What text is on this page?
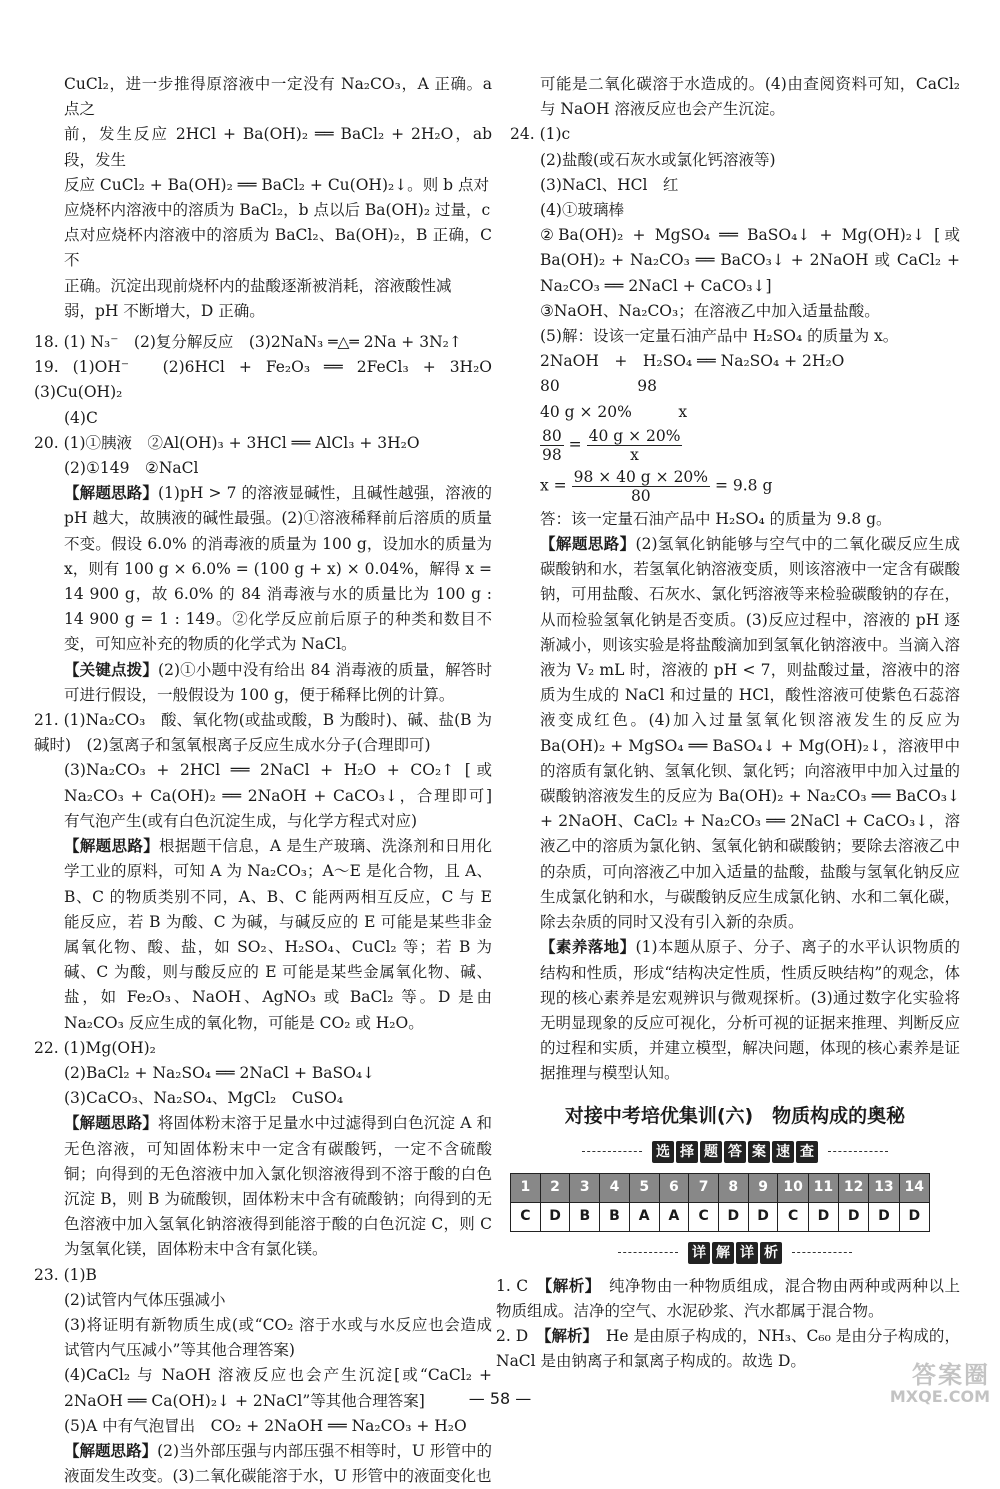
CuCl₂，进一步推得原溶液中一定没有 Na₂CO₃，A 正确。a 点之

前，发生反应 2HCl + Ba(OH)₂ ══ BaCl₂ + 2H₂O，ab 段，发生

反应 CuCl₂ + Ba(OH)₂ ══ BaCl₂ + Cu(OH)₂↓。则 b 点对

应烧杯内溶液中的溶质为 BaCl₂，b 点以后 Ba(OH)₂ 过量，c

点对应烧杯内溶液中的溶质为 BaCl₂、Ba(OH)₂，B 正确，C 不

正确。沉淀出现前烧杯内的盐酸逐渐被消耗，溶液酸性减

弱，pH 不断增大，D 正确。

18. (1) N₃⁻　(2)复分解反应　(3)2NaN₃ ═△═ 2Na + 3N₂↑

19. (1)OH⁻　(2)6HCl + Fe₂O₃ ══ 2FeCl₃ + 3H₂O　(3)Cu(OH)₂

(4)C

20. (1)①胰液　②Al(OH)₃ + 3HCl ══ AlCl₃ + 3H₂O

(2)①149　②NaCl

【解题思路】(1)pH > 7 的溶液显碱性，且碱性越强，溶液的 pH 越大，故胰液的碱性最强。(2)①溶液稀释前后溶质的质量不变。假设 6.0% 的消毒液的质量为 100 g，设加水的质量为 x，则有 100 g × 6.0% = (100 g + x) × 0.04%，解得 x = 14 900 g，故 6.0% 的 84 消毒液与水的质量比为 100 g : 14 900 g = 1 : 149。②化学反应前后原子的种类和数目不变，可知应补充的物质的化学式为 NaCl。

【关键点拨】(2)①小题中没有给出 84 消毒液的质量，解答时可进行假设，一般假设为 100 g，便于稀释比例的计算。

21. (1)Na₂CO₃　酸、氧化物(或盐或酸，B 为酸时)、碱、盐(B 为碱时)　(2)氢离子和氢氧根离子反应生成水分子(合理即可)

(3)Na₂CO₃ + 2HCl ══ 2NaCl + H₂O + CO₂↑ [或 Na₂CO₃ + Ca(OH)₂ ══ 2NaOH + CaCO₃↓，合理即可]　　有气泡产生(或有白色沉淀生成，与化学方程式对应)

【解题思路】根据题干信息，A 是生产玻璃、洗涤剂和日用化学工业的原料，可知 A 为 Na₂CO₃；A～E 是化合物，且 A、B、C 的物质类别不同，A、B、C 能两两相互反应，C 与 E 能反应，若 B 为酸、C 为碱，与碱反应的 E 可能是某些非金属氧化物、酸、盐，如 SO₂、H₂SO₄、CuCl₂ 等；若 B 为碱、C 为酸，则与酸反应的 E 可能是某些金属氧化物、碱、盐，如 Fe₂O₃、NaOH、AgNO₃ 或 BaCl₂ 等。D 是由 Na₂CO₃ 反应生成的氧化物，可能是 CO₂ 或 H₂O。

22. (1)Mg(OH)₂

(2)BaCl₂ + Na₂SO₄ ══ 2NaCl + BaSO₄↓

(3)CaCO₃、Na₂SO₄、MgCl₂　CuSO₄

【解题思路】将固体粉末溶于足量水中过滤得到白色沉淀 A 和无色溶液，可知固体粉末中一定含有碳酸钙，一定不含硫酸铜；向得到的无色溶液中加入氯化钡溶液得到不溶于酸的白色沉淀 B，则 B 为硫酸钡，固体粉末中含有硫酸钠；向得到的无色溶液中加入氢氧化钠溶液得到能溶于酸的白色沉淀 C，则 C 为氢氧化镁，固体粉末中含有氯化镁。

23. (1)B

(2)试管内气体压强减小

(3)将证明有新物质生成(或“CO₂ 溶于水或与水反应也会造成试管内气压减小”等其他合理答案)

(4)CaCl₂ 与 NaOH 溶液反应也会产生沉淀[或“CaCl₂ + 2NaOH ══ Ca(OH)₂↓ + 2NaCl”等其他合理答案]

(5)A 中有气泡冒出　CO₂ + 2NaOH ══ Na₂CO₃ + H₂O

【解题思路】(2)当外部压强与内部压强不相等时，U 形管中的液面发生改变。(3)二氧化碳能溶于水，U 形管中的液面变化也

可能是二氧化碳溶于水造成的。(4)由查阅资料可知，CaCl₂ 与 NaOH 溶液反应也会产生沉淀。

24. (1)c

(2)盐酸(或石灰水或氯化钙溶液等)

(3)NaCl、HCl　红

(4)①玻璃棒

②Ba(OH)₂ + MgSO₄ ══ BaSO₄↓ + Mg(OH)₂↓ [或 Ba(OH)₂ + Na₂CO₃ ══ BaCO₃↓ + 2NaOH 或 CaCl₂ + Na₂CO₃ ══ 2NaCl + CaCO₃↓]

③NaOH、Na₂CO₃；在溶液乙中加入适量盐酸。

(5)解：设该一定量石油产品中 H₂SO₄ 的质量为 x。

2NaOH　+　H₂SO₄ ══ Na₂SO₄ + 2H₂O

80　　　　　98

40 g × 20%　　　x

$\frac{80}{98} = \frac{40 g \times 20\%}{x}$
$x = \frac{98 \times 40 g \times 20\%}{80} = 9.8$ g

答：该一定量石油产品中 H₂SO₄ 的质量为 9.8 g。

【解题思路】(2)氢氧化钠能够与空气中的二氧化碳反应生成碳酸钠和水，若氢氧化钠溶液变质，则该溶液中一定含有碳酸钠，可用盐酸、石灰水、氯化钙溶液等来检验碳酸钠的存在，从而检验氢氧化钠是否变质。(3)反应过程中，溶液的 pH 逐渐减小，则该实验是将盐酸滴加到氢氧化钠溶液中。当滴入溶液为 V₂ mL 时，溶液的 pH < 7，则盐酸过量，溶液中的溶质为生成的 NaCl 和过量的 HCl，酸性溶液可使紫色石蕊溶液变成红色。(4)加入过量氢氧化钡溶液发生的反应为 Ba(OH)₂ + MgSO₄ ══ BaSO₄↓ + Mg(OH)₂↓，溶液甲中的溶质有氯化钠、氢氧化钡、氯化钙；向溶液甲中加入过量的碳酸钠溶液发生的反应为 Ba(OH)₂ + Na₂CO₃ ══ BaCO₃↓ + 2NaOH、CaCl₂ + Na₂CO₃ ══ 2NaCl + CaCO₃↓，溶液乙中的溶质为氯化钠、氢氧化钠和碳酸钠；要除去溶液乙中的杂质，可向溶液乙中加入适量的盐酸，盐酸与氢氧化钠反应生成氯化钠和水，与碳酸钠反应生成氯化钠、水和二氧化碳，除去杂质的同时又没有引入新的杂质。

【素养落地】(1)本题从原子、分子、离子的水平认识物质的结构和性质，形成“结构决定性质，性质反映结构”的观念，体现的核心素养是宏观辨识与微观探析。(3)通过数字化实验将无明显现象的反应可视化，分析可视的证据来推理、判断反应的过程和实质，并建立模型，解决问题，体现的核心素养是证据推理与模型认知。

对接中考培优集训(六)　物质构成的奥秘
选 择 题 答 案 速 查
1	2	3	4	5	6	7	8	9	10	11	12	13	14
C	D	B	B	A	A	C	D	D	C	D	D	D	D
详 解 详 析

1. C　 【解析】　 纯净物由一种物质组成，混合物由两种或两种以上物质组成。洁净的空气、水泥砂浆、汽水都属于混合物。

2. D　 【解析】　 He 是由原子构成的，NH₃、C₆₀ 是由分子构成的，NaCl 是由钠离子和氯离子构成的。故选 D。

— 58 —
答案圈
MXQE.COM
